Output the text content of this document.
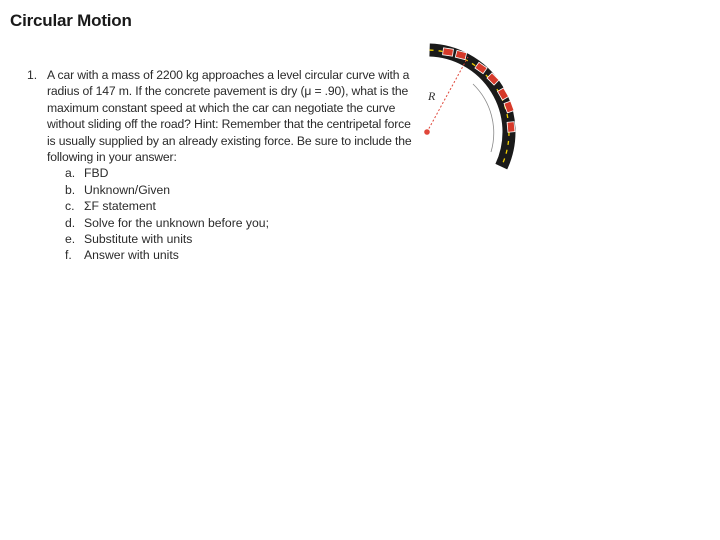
Circular Motion
1. A car with a mass of 2200 kg approaches a level circular curve with a radius of 147 m. If the concrete pavement is dry (μ = .90), what is the maximum constant speed at which the car can negotiate the curve without sliding off the road? Hint: Remember that the centripetal force is usually supplied by an already existing force. Be sure to include the following in your answer:
a. FBD
b. Unknown/Given
c. ΣF statement
d. Solve for the unknown before you;
e. Substitute with units
f. Answer with units
R
